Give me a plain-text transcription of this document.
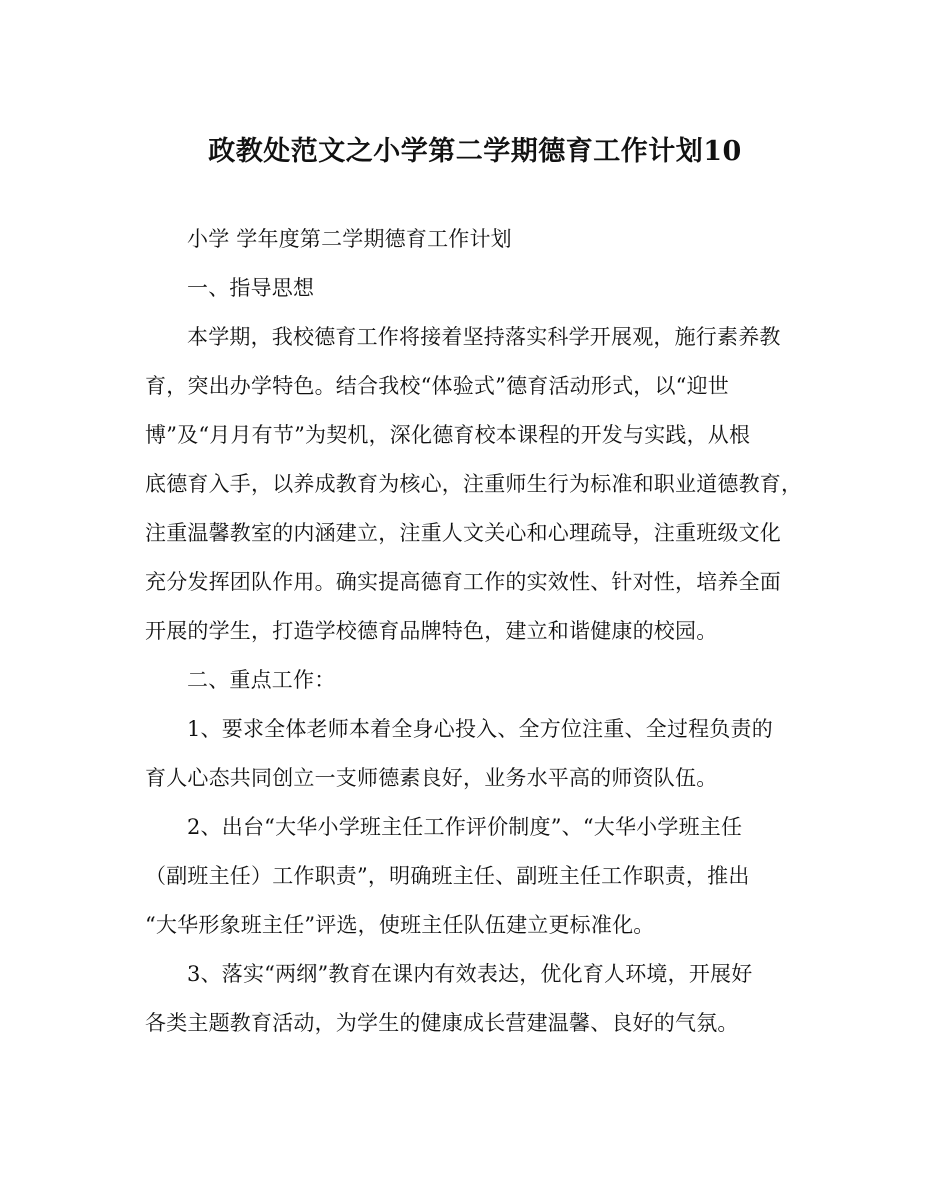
政教处范文之小学第二学期德育工作计划10
小学 学年度第二学期德育工作计划
一、指导思想
本学期，我校德育工作将接着坚持落实科学开展观，施行素养教
育，突出办学特色。结合我校“体验式”德育活动形式，以“迎世
博”及“月月有节”为契机，深化德育校本课程的开发与实践，从根
底德育入手，以养成教育为核心，注重师生行为标准和职业道德教育，
注重温馨教室的内涵建立，注重人文关心和心理疏导，注重班级文化
充分发挥团队作用。确实提高德育工作的实效性、针对性，培养全面
开展的学生，打造学校德育品牌特色，建立和谐健康的校园。
二、重点工作：
1、要求全体老师本着全身心投入、全方位注重、全过程负责的
育人心态共同创立一支师德素良好，业务水平高的师资队伍。
2、出台“大华小学班主任工作评价制度”、“大华小学班主任
（副班主任）工作职责”，明确班主任、副班主任工作职责，推出
“大华形象班主任”评选，使班主任队伍建立更标准化。
3、落实“两纲”教育在课内有效表达，优化育人环境，开展好
各类主题教育活动，为学生的健康成长营建温馨、良好的气氛。
